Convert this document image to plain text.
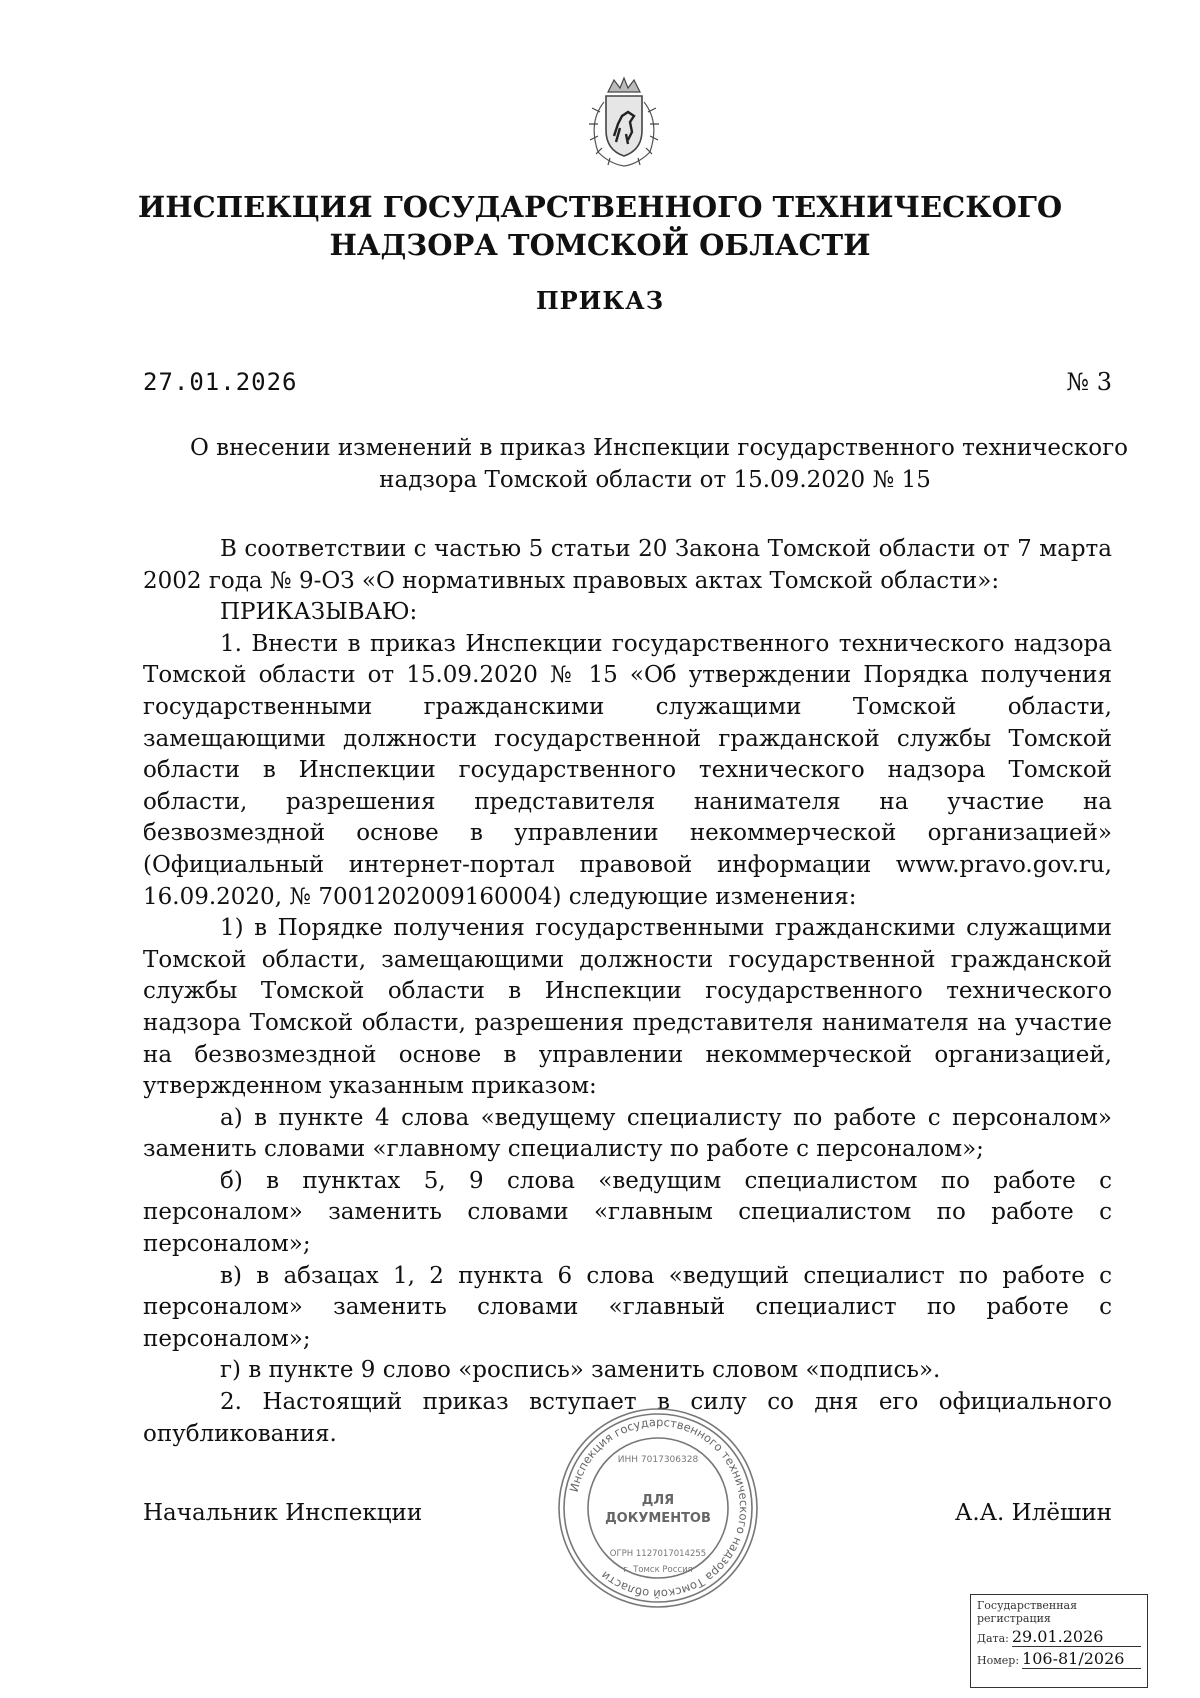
ИНСПЕКЦИЯ ГОСУДАРСТВЕННОГО ТЕХНИЧЕСКОГО
НАДЗОРА ТОМСКОЙ ОБЛАСТИ
ПРИКАЗ
27.01.2026	№ 3
О внесении изменений в приказ Инспекции государственного технического
надзора Томской области от 15.09.2020 № 15

В соответствии с частью 5 статьи 20 Закона Томской области от 7 марта 2002 года № 9-ОЗ «О нормативных правовых актах Томской области»:

ПРИКАЗЫВАЮ:

1. Внести в приказ Инспекции государственного технического надзора Томской области от 15.09.2020 № 15 «Об утверждении Порядка получения государственными гражданскими служащими Томской области, замещающими должности государственной гражданской службы Томской области в Инспекции государственного технического надзора Томской области, разрешения представителя нанимателя на участие на безвозмездной основе в управлении некоммерческой организацией» (Официальный интернет-портал правовой информации www.pravo.gov.ru, 16.09.2020, № 7001202009160004) следующие изменения:

1) в Порядке получения государственными гражданскими служащими Томской области, замещающими должности государственной гражданской службы Томской области в Инспекции государственного технического надзора Томской области, разрешения представителя нанимателя на участие на безвозмездной основе в управлении некоммерческой организацией, утвержденном указанным приказом:

а) в пункте 4 слова «ведущему специалисту по работе с персоналом» заменить словами «главному специалисту по работе с персоналом»;

б) в пунктах 5, 9 слова «ведущим специалистом по работе с персоналом» заменить словами «главным специалистом по работе с персоналом»;

в) в абзацах 1, 2 пункта 6 слова «ведущий специалист по работе с персоналом» заменить словами «главный специалист по работе с персоналом»;

г) в пункте 9 слово «роспись» заменить словом «подпись».

2. Настоящий приказ вступает в силу со дня его официального опубликования.

Начальник Инспекции	А.А. Илёшин
Инспекция государственного технического надзора Томской области
ИНН 7017306328
ДЛЯ
ДОКУМЕНТОВ
ОГРН 1127017014255
г. Томск Россия
Государственная регистрация
Дата: 29.01.2026
Номер: 106-81/2026
